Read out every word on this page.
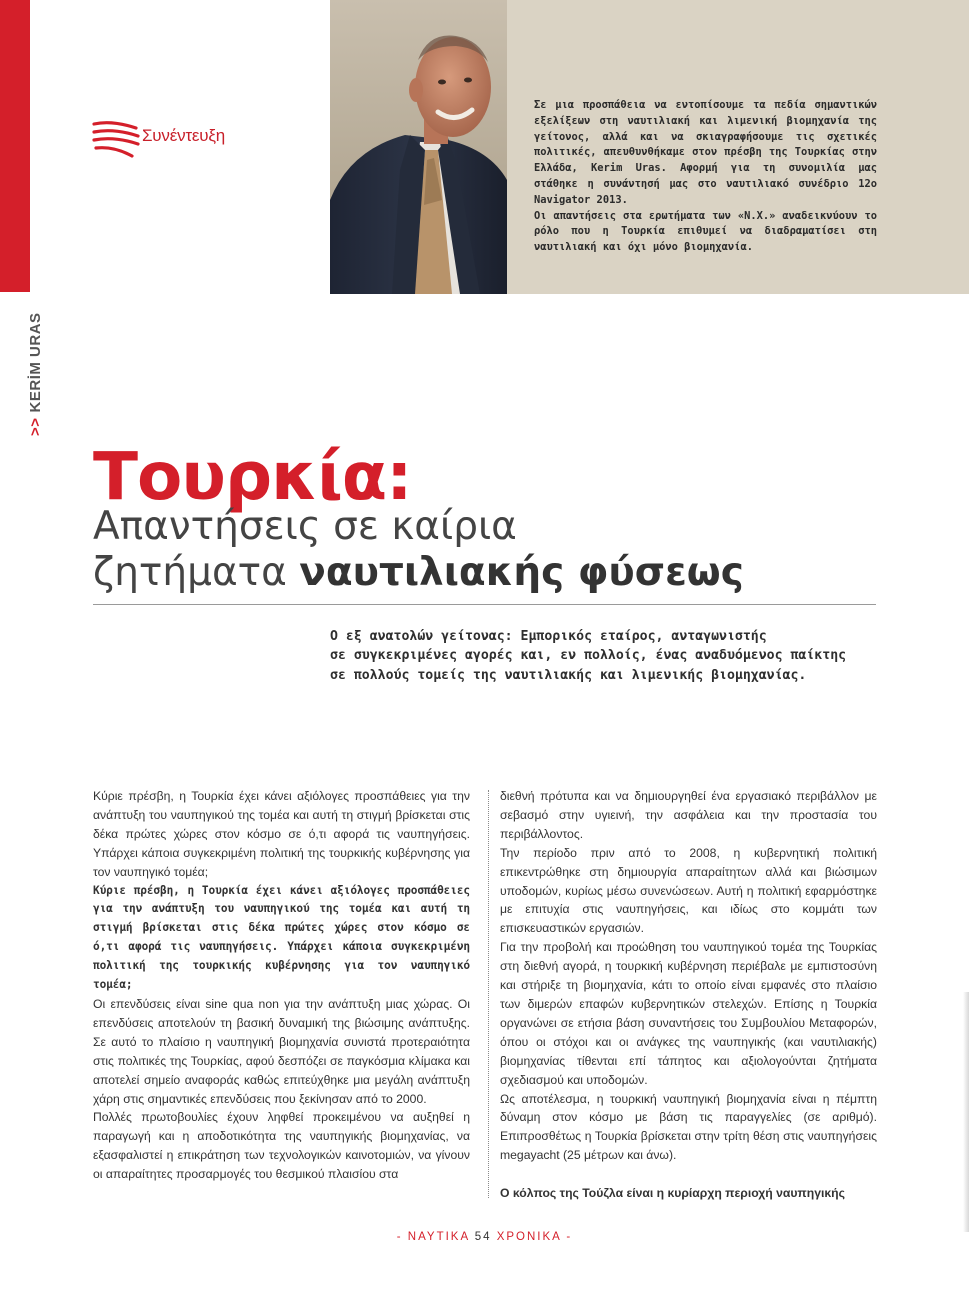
Σε μια προσπάθεια να εντοπίσουμε τα πεδία σημαντικών εξελίξεων στη ναυτιλιακή και λιμενική βιομηχανία της γείτονος, αλλά και να σκιαγραφήσουμε τις σχετικές πολιτικές, απευθυνθήκαμε στον πρέσβη της Τουρκίας στην Ελλάδα, Kerim Uras. Αφορμή για τη συνομιλία μας στάθηκε η συνάντησή μας στο ναυτιλιακό συνέδριο 12ο Navigator 2013.

Οι απαντήσεις στα ερωτήματα των «Ν.Χ.» αναδεικνύουν το ρόλο που η Τουρκία επιθυμεί να διαδραματίσει στη ναυτιλιακή και όχι μόνο βιομηχανία.

Συνέντευξη
>>KERİM URAS
Τουρκία:
Απαντήσεις σε καίρια
ζητήματα ναυτιλιακής φύσεως
Ο εξ ανατολών γείτονας: Εμπορικός εταίρος, ανταγωνιστής
σε συγκεκριμένες αγορές και, εν πολλοίς, ένας αναδυόμενος παίκτης
σε πολλούς τομείς της ναυτιλιακής και λιμενικής βιομηχανίας.

Κύριε πρέσβη, η Τουρκία έχει κάνει αξιόλογες προσπάθειες για την ανάπτυξη του ναυπηγικού της τομέα και αυτή τη στιγμή βρίσκεται στις δέκα πρώτες χώρες στον κόσμο σε ό,τι αφορά τις ναυπηγήσεις. Υπάρχει κάποια συγκεκριμένη πολιτική της τουρκικής κυβέρνησης για τον ναυπηγικό τομέα;

Κύριε πρέσβη, η Τουρκία έχει κάνει αξιόλογες προσπάθειες για την ανάπτυξη του ναυπηγικού της τομέα και αυτή τη στιγμή βρίσκεται στις δέκα πρώτες χώρες στον κόσμο σε ό,τι αφορά τις ναυπηγήσεις. Υπάρχει κάποια συγκεκριμένη πολιτική της τουρκικής κυβέρνησης για τον ναυπηγικό τομέα;

Οι επενδύσεις είναι sine qua non για την ανάπτυξη μιας χώρας. Οι επενδύσεις αποτελούν τη βασική δυναμική της βιώσιμης ανάπτυξης. Σε αυτό το πλαίσιο η ναυπηγική βιομηχανία συνιστά προτεραιότητα στις πολιτικές της Τουρκίας, αφού δεσπόζει σε παγκόσμια κλίμακα και αποτελεί σημείο αναφοράς καθώς επιτεύχθηκε μια μεγάλη ανάπτυξη χάρη στις σημαντικές επενδύσεις που ξεκίνησαν από το 2000.

Πολλές πρωτοβουλίες έχουν ληφθεί προκειμένου να αυξηθεί η παραγωγή και η αποδοτικότητα της ναυπηγικής βιομηχανίας, να εξασφαλιστεί η επικράτηση των τεχνολογικών καινοτομιών, να γίνουν οι απαραίτητες προσαρμογές του θεσμικού πλαισίου στα

διεθνή πρότυπα και να δημιουργηθεί ένα εργασιακό περιβάλλον με σεβασμό στην υγιεινή, την ασφάλεια και την προστασία του περιβάλλοντος.

Την περίοδο πριν από το 2008, η κυβερνητική πολιτική επικεντρώθηκε στη δημιουργία απαραίτητων αλλά και βιώσιμων υποδομών, κυρίως μέσω συνενώσεων. Αυτή η πολιτική εφαρμόστηκε με επιτυχία στις ναυπηγήσεις, και ιδίως στο κομμάτι των επισκευαστικών εργασιών.

Για την προβολή και προώθηση του ναυπηγικού τομέα της Τουρκίας στη διεθνή αγορά, η τουρκική κυβέρνηση περιέβαλε με εμπιστοσύνη και στήριξε τη βιομηχανία, κάτι το οποίο είναι εμφανές στο πλαίσιο των διμερών επαφών κυβερνητικών στελεχών. Επίσης η Τουρκία οργανώνει σε ετήσια βάση συναντήσεις του Συμβουλίου Μεταφορών, όπου οι στόχοι και οι ανάγκες της ναυπηγικής (και ναυτιλιακής) βιομηχανίας τίθενται επί τάπητος και αξιολογούνται ζητήματα σχεδιασμού και υποδομών.

Ως αποτέλεσμα, η τουρκική ναυπηγική βιομηχανία είναι η πέμπτη δύναμη στον κόσμο με βάση τις παραγγελίες (σε αριθμό). Επιπροσθέτως η Τουρκία βρίσκεται στην τρίτη θέση στις ναυπηγήσεις megayacht (25 μέτρων και άνω).

Ο κόλπος της Τούζλα είναι η κυρίαρχη περιοχή ναυπηγικής

- ΝΑΥΤΙΚΑ 54 ΧΡΟΝΙΚΑ -
